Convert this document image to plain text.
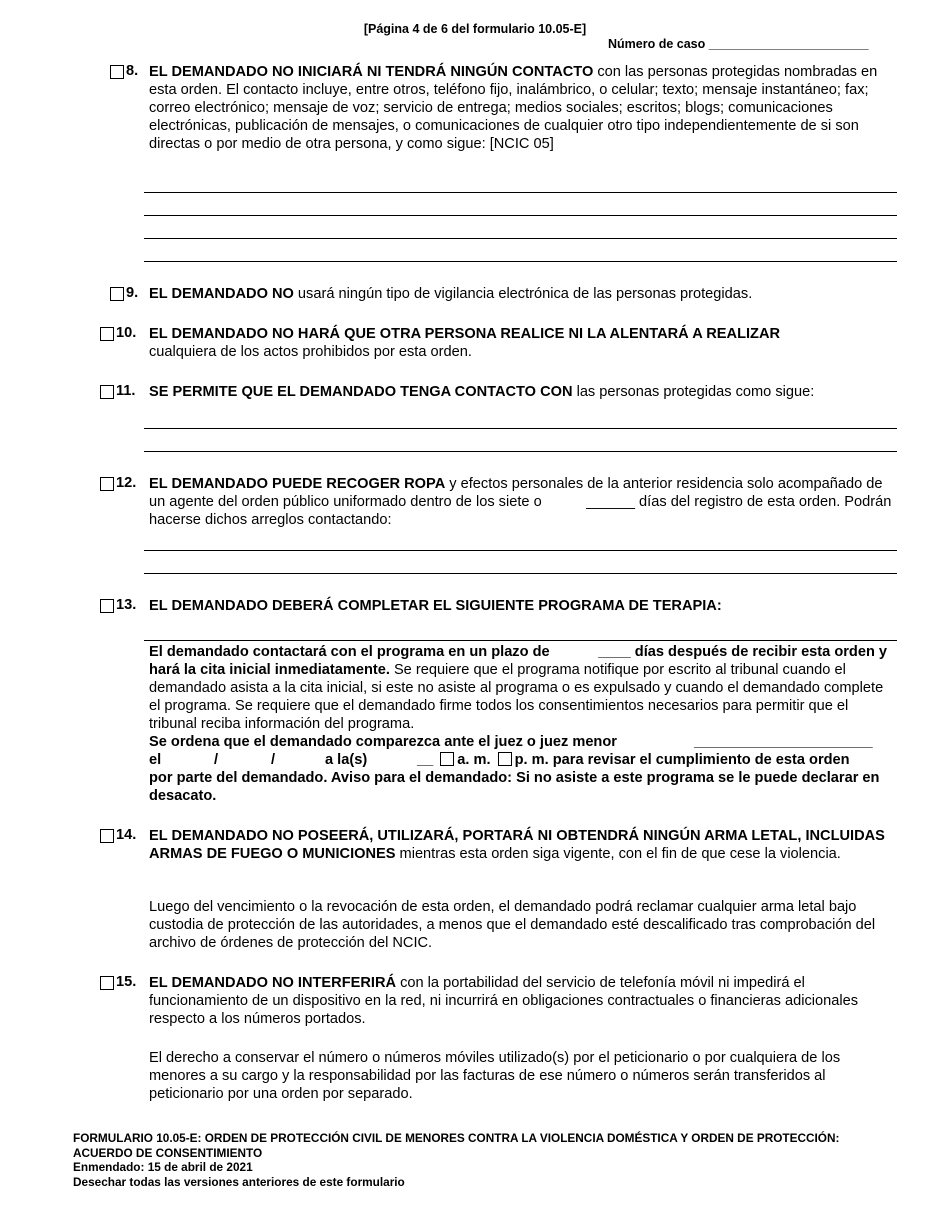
[Página 4 de 6 del formulario 10.05-E]
Número de caso _______________________
8. EL DEMANDADO NO INICIARÁ NI TENDRÁ NINGÚN CONTACTO con las personas protegidas nombradas en esta orden. El contacto incluye, entre otros, teléfono fijo, inalámbrico, o celular; texto; mensaje instantáneo; fax; correo electrónico; mensaje de voz; servicio de entrega; medios sociales; escritos; blogs; comunicaciones electrónicas, publicación de mensajes, o comunicaciones de cualquier otro tipo independientemente de si son directas o por medio de otra persona, y como sigue: [NCIC 05]
9. EL DEMANDADO NO usará ningún tipo de vigilancia electrónica de las personas protegidas.
10. EL DEMANDADO NO HARÁ QUE OTRA PERSONA REALICE NI LA ALENTARÁ A REALIZAR
cualquiera de los actos prohibidos por esta orden.
11. SE PERMITE QUE EL DEMANDADO TENGA CONTACTO CON las personas protegidas como sigue:
12. EL DEMANDADO PUEDE RECOGER ROPA y efectos personales de la anterior residencia solo acompañado de un agente del orden público uniformado dentro de los siete o	______ días del registro de esta orden. Podrán hacerse dichos arreglos contactando:
13. EL DEMANDADO DEBERÁ COMPLETAR EL SIGUIENTE PROGRAMA DE TERAPIA:
El demandado contactará con el programa en un plazo de	____ días después de recibir esta orden y hará la cita inicial inmediatamente. Se requiere que el programa notifique por escrito al tribunal cuando el demandado asista a la cita inicial, si este no asiste al programa o es expulsado y cuando el demandado complete el programa. Se requiere que el demandado firme todos los consentimientos necesarios para permitir que el tribunal reciba información del programa.
Se ordena que el demandado comparezca ante el juez o juez menor	______________________
el	/	/	a la(s)	__ a. m. p. m. para revisar el cumplimiento de esta orden
por parte del demandado. Aviso para el demandado: Si no asiste a este programa se le puede declarar en desacato.
14. EL DEMANDADO NO POSEERÁ, UTILIZARÁ, PORTARÁ NI OBTENDRÁ NINGÚN ARMA LETAL, INCLUIDAS ARMAS DE FUEGO O MUNICIONES mientras esta orden siga vigente, con el fin de que cese la violencia.
Luego del vencimiento o la revocación de esta orden, el demandado podrá reclamar cualquier arma letal bajo custodia de protección de las autoridades, a menos que el demandado esté descalificado tras comprobación del archivo de órdenes de protección del NCIC.
15. EL DEMANDADO NO INTERFERIRÁ con la portabilidad del servicio de telefonía móvil ni impedirá el funcionamiento de un dispositivo en la red, ni incurrirá en obligaciones contractuales o financieras adicionales respecto a los números portados.
El derecho a conservar el número o números móviles utilizado(s) por el peticionario o por cualquiera de los menores a su cargo y la responsabilidad por las facturas de ese número o números serán transferidos al peticionario por una orden por separado.
FORMULARIO 10.05-E: ORDEN DE PROTECCIÓN CIVIL DE MENORES CONTRA LA VIOLENCIA DOMÉSTICA Y ORDEN DE PROTECCIÓN:
ACUERDO DE CONSENTIMIENTO
Enmendado: 15 de abril de 2021
Desechar todas las versiones anteriores de este formulario
